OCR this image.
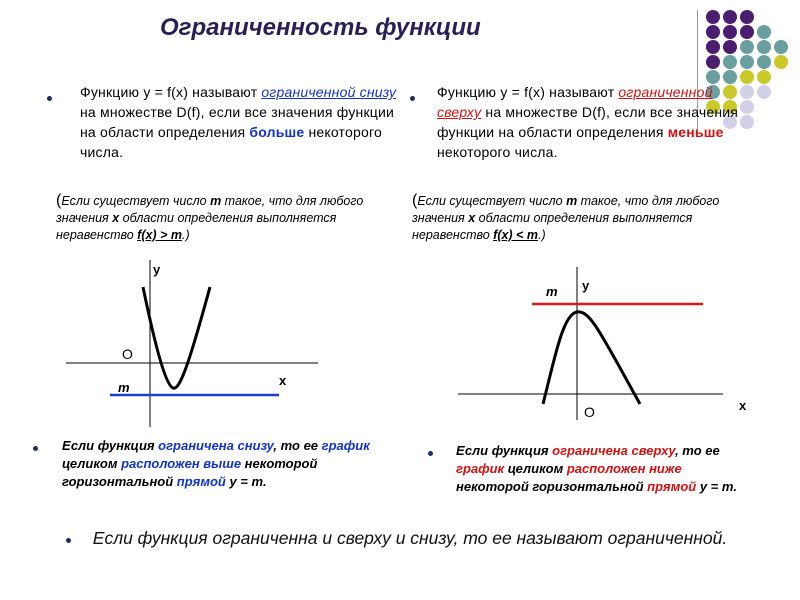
Ограниченность функции
Функцию y = f(x) называют ограниченной снизу на множестве D(f), если все значения функции на области определения больше некоторого числа.
(Если существует число m такое, что для любого значения x области определения выполняется неравенство f(x) > m.)
y
x
O
m
Если функция ограничена снизу, то ее график целиком расположен выше некоторой горизонтальной прямой y = m.
Функцию y = f(x) называют ограниченной сверху на множестве D(f), если все значения функции на области определения меньше некоторого числа.
(Если существует число m такое, что для любого значения x области определения выполняется неравенство f(x) < m.)
y
x
O
m
Если функция ограничена сверху, то ее график целиком расположен ниже некоторой горизонтальной прямой y = m.
Если функция ограниченна и сверху и снизу, то ее называют ограниченной.
